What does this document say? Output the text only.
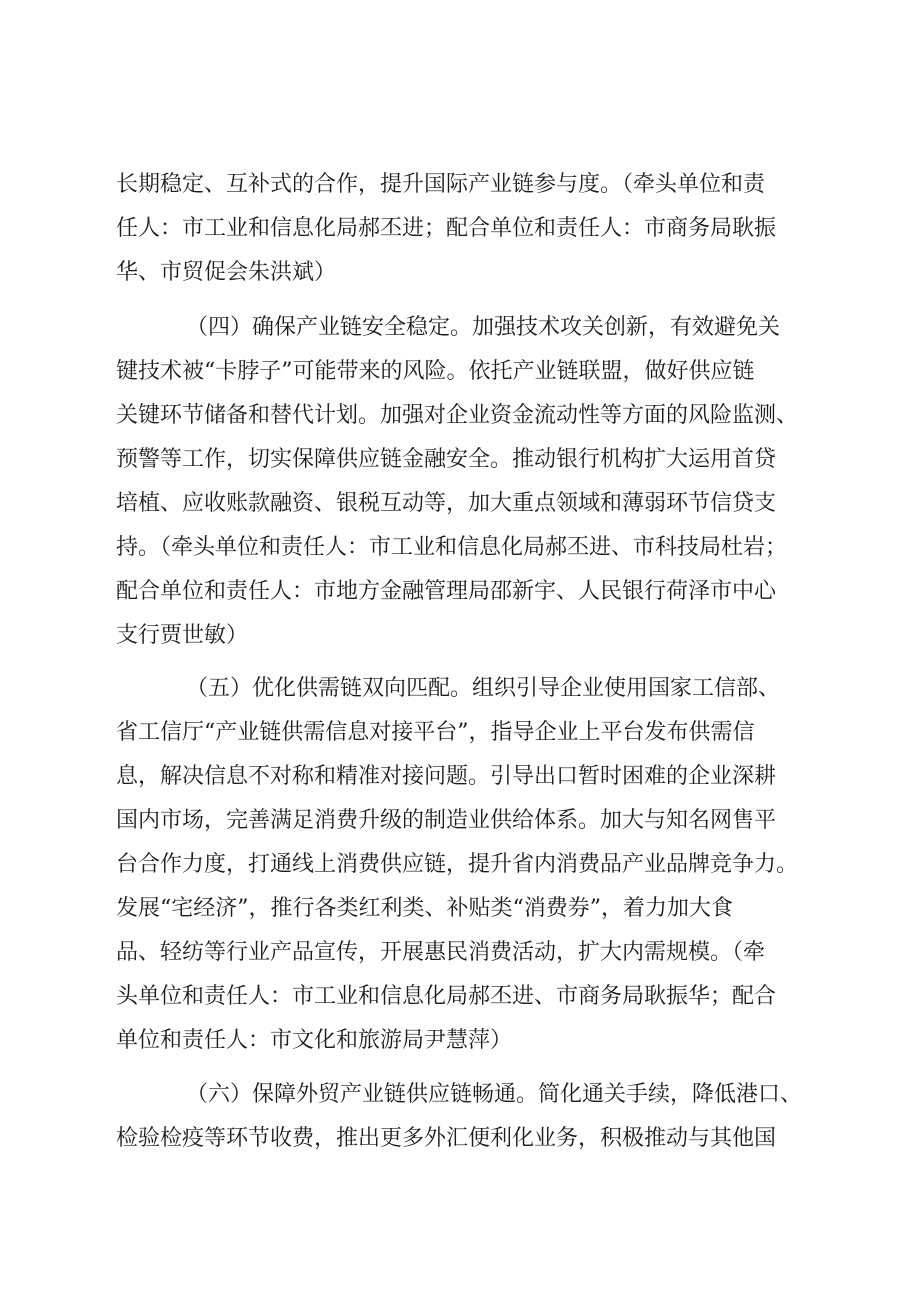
长期稳定、互补式的合作，提升国际产业链参与度。（牵头单位和责
任人：市工业和信息化局郝丕进；配合单位和责任人：市商务局耿振
华、市贸促会朱洪斌）
（四）确保产业链安全稳定。加强技术攻关创新，有效避免关
键技术被“卡脖子”可能带来的风险。依托产业链联盟，做好供应链
关键环节储备和替代计划。加强对企业资金流动性等方面的风险监测、
预警等工作，切实保障供应链金融安全。推动银行机构扩大运用首贷
培植、应收账款融资、银税互动等，加大重点领域和薄弱环节信贷支
持。（牵头单位和责任人：市工业和信息化局郝丕进、市科技局杜岩；
配合单位和责任人：市地方金融管理局邵新宇、人民银行荷泽市中心
支行贾世敏）
（五）优化供需链双向匹配。组织引导企业使用国家工信部、
省工信厅“产业链供需信息对接平台”，指导企业上平台发布供需信
息，解决信息不对称和精准对接问题。引导出口暂时困难的企业深耕
国内市场，完善满足消费升级的制造业供给体系。加大与知名网售平
台合作力度，打通线上消费供应链，提升省内消费品产业品牌竞争力。
发展“宅经济”，推行各类红利类、补贴类“消费券”，着力加大食
品、轻纺等行业产品宣传，开展惠民消费活动，扩大内需规模。（牵
头单位和责任人：市工业和信息化局郝丕进、市商务局耿振华；配合
单位和责任人：市文化和旅游局尹慧萍）
（六）保障外贸产业链供应链畅通。简化通关手续，降低港口、
检验检疫等环节收费，推出更多外汇便利化业务，积极推动与其他国
